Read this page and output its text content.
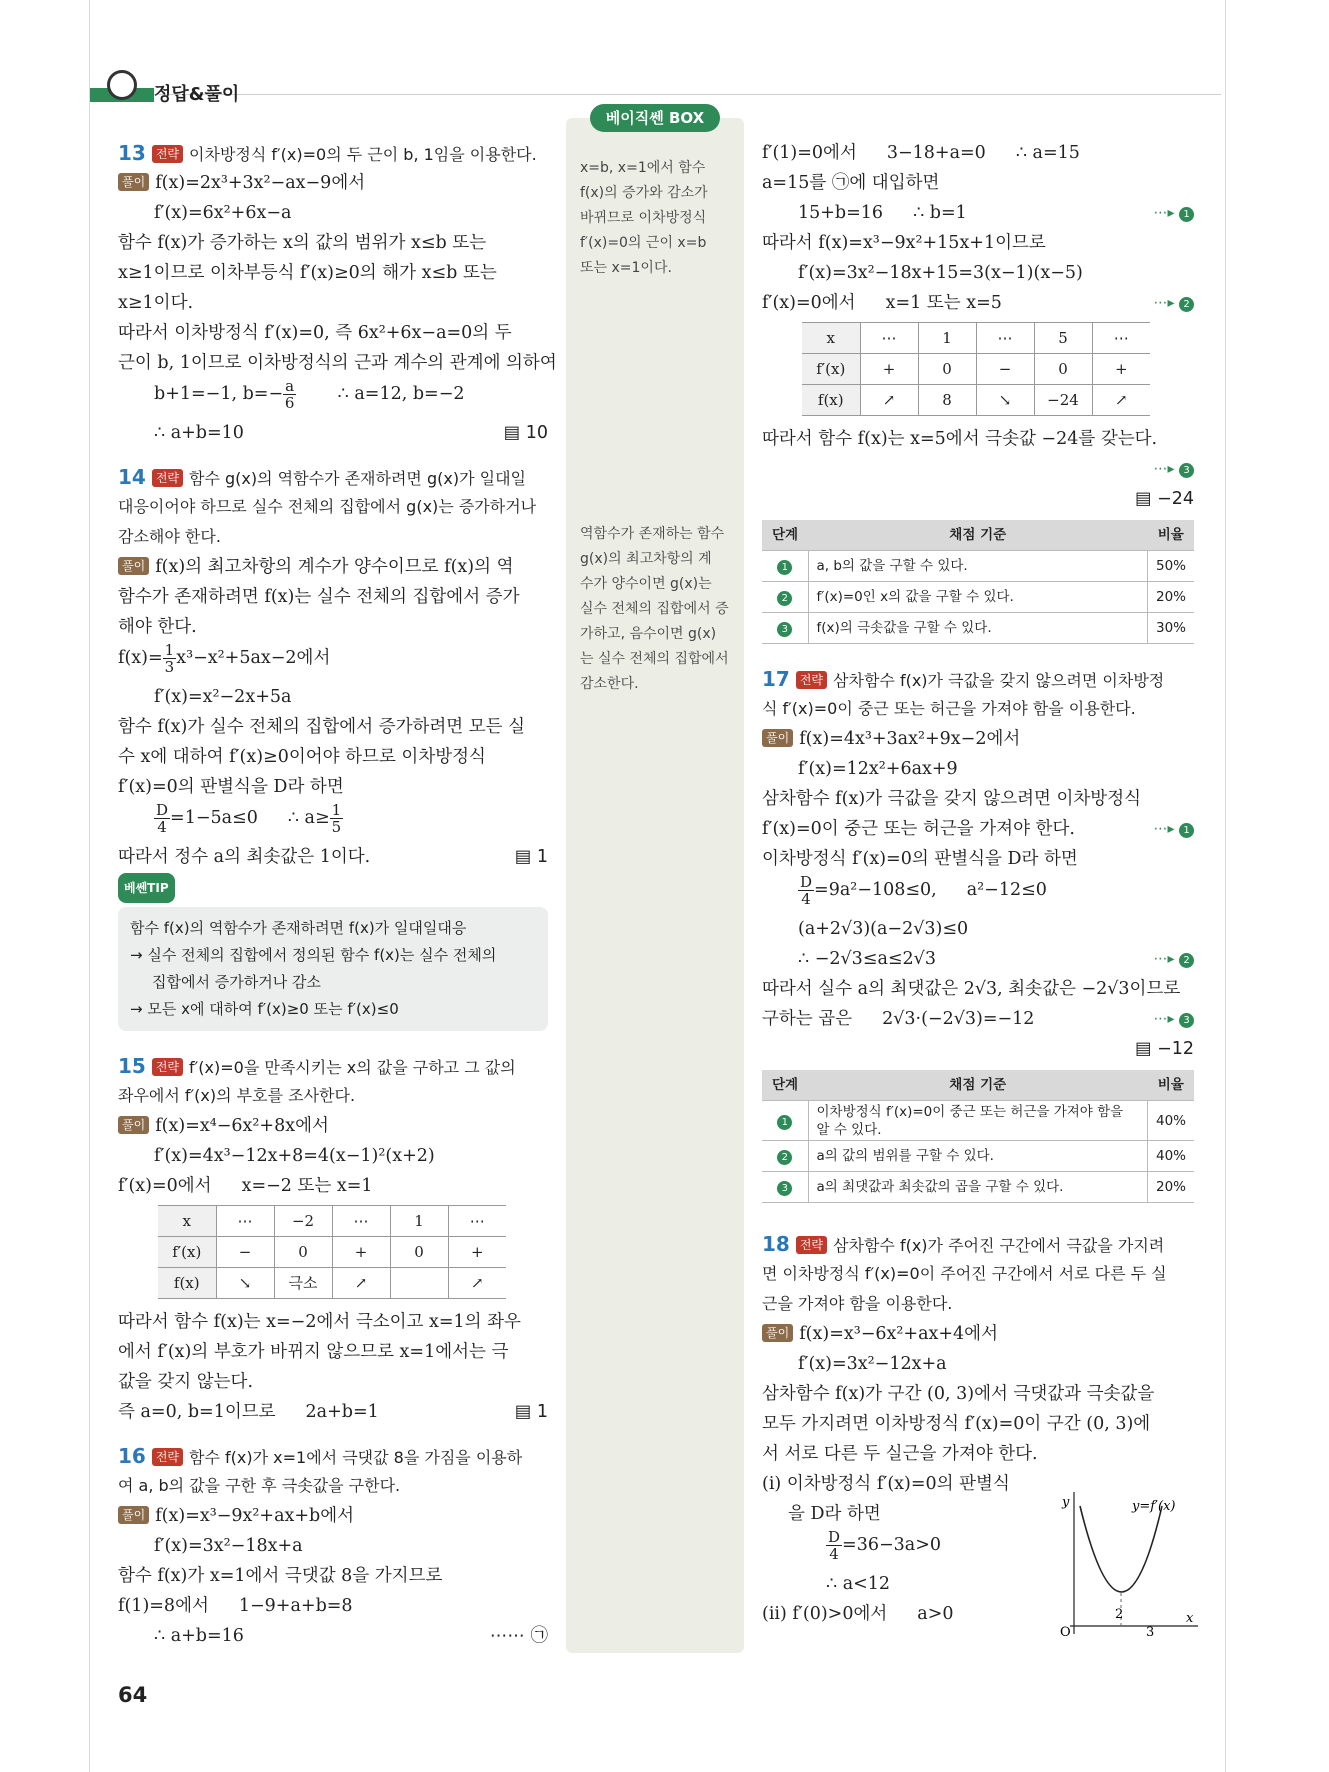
정답&풀이
베이직쎈 BOX
x=b, x=1에서 함수
f(x)의 증가와 감소가
바뀌므로 이차방정식
f′(x)=0의 근이 x=b
또는 x=1이다.
역함수가 존재하는 함수
g(x)의 최고차항의 계
수가 양수이면 g(x)는
실수 전체의 집합에서 증
가하고, 음수이면 g(x)
는 실수 전체의 집합에서
감소한다.
13 전략 이차방정식 f′(x)=0의 두 근이 b, 1임을 이용한다.
풀이 f(x)=2x³+3x²−ax−9에서
f′(x)=6x²+6x−a
함수 f(x)가 증가하는 x의 값의 범위가 x≤b 또는
x≥1이므로 이차부등식 f′(x)≥0의 해가 x≤b 또는
x≥1이다.
따라서 이차방정식 f′(x)=0, 즉 6x²+6x−a=0의 두
근이 b, 1이므로 이차방정식의 근과 계수의 관계에 의하여
b+1=−1, $b=- \frac{a}{6}$ ∴ a=12, b=−2
∴ a+b=10	▤ 10
14 전략 함수 g(x)의 역함수가 존재하려면 g(x)가 일대일
대응이어야 하므로 실수 전체의 집합에서 g(x)는 증가하거나
감소해야 한다.
풀이 f(x)의 최고차항의 계수가 양수이므로 f(x)의 역
함수가 존재하려면 f(x)는 실수 전체의 집합에서 증가
해야 한다.
$f(x)= \frac{1}{3} x^3-x^2+5ax-2$에서
f′(x)=x²−2x+5a
함수 f(x)가 실수 전체의 집합에서 증가하려면 모든 실
수 x에 대하여 f′(x)≥0이어야 하므로 이차방정식
f′(x)=0의 판별식을 D라 하면
$\frac{D}{4} =1-5a\le 0$ ∴ $a\ge \frac{1}{5}$
따라서 정수 a의 최솟값은 1이다.	▤ 1
베쎈TIP
함수 f(x)의 역함수가 존재하려면 f(x)가 일대일대응
→ 실수 전체의 집합에서 정의된 함수 f(x)는 실수 전체의
집합에서 증가하거나 감소
→ 모든 x에 대하여 f′(x)≥0 또는 f′(x)≤0
15 전략 f′(x)=0을 만족시키는 x의 값을 구하고 그 값의
좌우에서 f′(x)의 부호를 조사한다.
풀이 f(x)=x⁴−6x²+8x에서
f′(x)=4x³−12x+8=4(x−1)²(x+2)
f′(x)=0에서 x=−2 또는 x=1
x	⋯	−2	⋯	1	⋯
f′(x)	−	0	+	0	+
f(x)	↘	극소	↗		↗
따라서 함수 f(x)는 x=−2에서 극소이고 x=1의 좌우
에서 f′(x)의 부호가 바뀌지 않으므로 x=1에서는 극
값을 갖지 않는다.
즉 a=0, b=1이므로 2a+b=1	▤ 1
16 전략 함수 f(x)가 x=1에서 극댓값 8을 가짐을 이용하
여 a, b의 값을 구한 후 극솟값을 구한다.
풀이 f(x)=x³−9x²+ax+b에서
f′(x)=3x²−18x+a
함수 f(x)가 x=1에서 극댓값 8을 가지므로
f(1)=8에서 1−9+a+b=8
∴ a+b=16	⋯⋯ ㉠
f′(1)=0에서 3−18+a=0 ∴ a=15
a=15를 ㉠에 대입하면
15+b=16 ∴ b=1	⋯▸ 1
따라서 f(x)=x³−9x²+15x+1이므로
f′(x)=3x²−18x+15=3(x−1)(x−5)
f′(x)=0에서 x=1 또는 x=5	⋯▸ 2
x	⋯	1	⋯	5	⋯
f′(x)	+	0	−	0	+
f(x)	↗	8	↘	−24	↗
따라서 함수 f(x)는 x=5에서 극솟값 −24를 갖는다.
⋯▸ 3
▤ −24
단계	채점 기준	비율
1	a, b의 값을 구할 수 있다.	50%
2	f′(x)=0인 x의 값을 구할 수 있다.	20%
3	f(x)의 극솟값을 구할 수 있다.	30%
17 전략 삼차함수 f(x)가 극값을 갖지 않으려면 이차방정
식 f′(x)=0이 중근 또는 허근을 가져야 함을 이용한다.
풀이 f(x)=4x³+3ax²+9x−2에서
f′(x)=12x²+6ax+9
삼차함수 f(x)가 극값을 갖지 않으려면 이차방정식
f′(x)=0이 중근 또는 허근을 가져야 한다.	⋯▸ 1
이차방정식 f′(x)=0의 판별식을 D라 하면
$\frac{D}{4} =9a^2-108\le 0$, a²−12≤0
(a+2√3)(a−2√3)≤0
∴ −2√3≤a≤2√3	⋯▸ 2
따라서 실수 a의 최댓값은 2√3, 최솟값은 −2√3이므로
구하는 곱은 2√3·(−2√3)=−12	⋯▸ 3
▤ −12
단계	채점 기준	비율
1	이차방정식 f′(x)=0이 중근 또는 허근을 가져야 함을 알 수 있다.	40%
2	a의 값의 범위를 구할 수 있다.	40%
3	a의 최댓값과 최솟값의 곱을 구할 수 있다.	20%
18 전략 삼차함수 f(x)가 주어진 구간에서 극값을 가지려
면 이차방정식 f′(x)=0이 주어진 구간에서 서로 다른 두 실
근을 가져야 함을 이용한다.
풀이 f(x)=x³−6x²+ax+4에서
f′(x)=3x²−12x+a
삼차함수 f(x)가 구간 (0, 3)에서 극댓값과 극솟값을
모두 가지려면 이차방정식 f′(x)=0이 구간 (0, 3)에
서 서로 다른 두 실근을 가져야 한다.
(i) 이차방정식 f′(x)=0의 판별식
을 D라 하면
$\frac{D}{4} =36-3a>0$
∴ a<12
(ii) f′(0)>0에서 a>0
y	y=f′(x)
O
2
3
x
64
